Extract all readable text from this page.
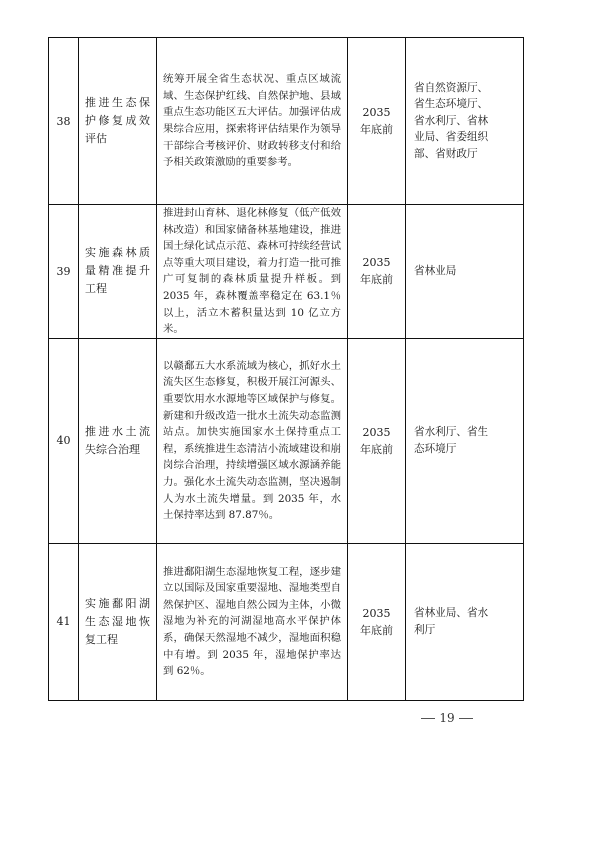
38	推进生态保护修复成效评估	统筹开展全省生态状况、重点区域流域、生态保护红线、自然保护地、县域重点生态功能区五大评估。加强评估成果综合应用，探索将评估结果作为领导干部综合考核评价、财政转移支付和给予相关政策激励的重要参考。	2035
年底前	省自然资源厅、
省生态环境厅、
省水利厅、省林
业局、省委组织
部、省财政厅

39	实施森林质量精准提升工程	推进封山育林、退化林修复（低产低效林改造）和国家储备林基地建设，推进国土绿化试点示范、森林可持续经营试点等重大项目建设，着力打造一批可推广可复制的森林质量提升样板。到 2035 年，森林覆盖率稳定在 63.1％以上，活立木蓄积量达到 10 亿立方米。	2035
年底前	省林业局

40	推进水土流失综合治理	以赣鄱五大水系流域为核心，抓好水土流失区生态修复，积极开展江河源头、重要饮用水水源地等区域保护与修复。新建和升级改造一批水土流失动态监测站点。加快实施国家水土保持重点工程，系统推进生态清洁小流域建设和崩岗综合治理，持续增强区域水源涵养能力。强化水土流失动态监测，坚决遏制人为水土流失增量。到 2035 年，水土保持率达到 87.87％。	2035
年底前	省水利厅、省生
态环境厅

41	实施鄱阳湖生态湿地恢复工程	推进鄱阳湖生态湿地恢复工程，逐步建立以国际及国家重要湿地、湿地类型自然保护区、湿地自然公园为主体，小微湿地为补充的河湖湿地高水平保护体系，确保天然湿地不减少，湿地面积稳中有增。到 2035 年，湿地保护率达到 62％。	2035
年底前	省林业局、省水
利厅
19
